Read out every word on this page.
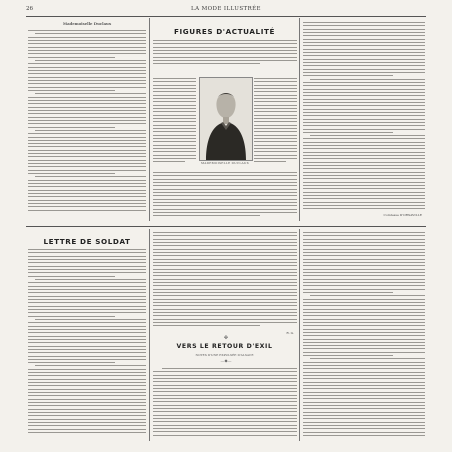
26	LA MODE ILLUSTRÉE
Mademoiselle Duclaux
FIGURES D'ACTUALITÉ
MADEMOISELLE DUCLAUX
Comtesse D'ORSAVILLE
LETTRE DE SOLDAT
R. G.
✤
VERS LE RETOUR D'EXIL
NOTES D'UNE EXPULSÉE D'ALSACE
—◆—
